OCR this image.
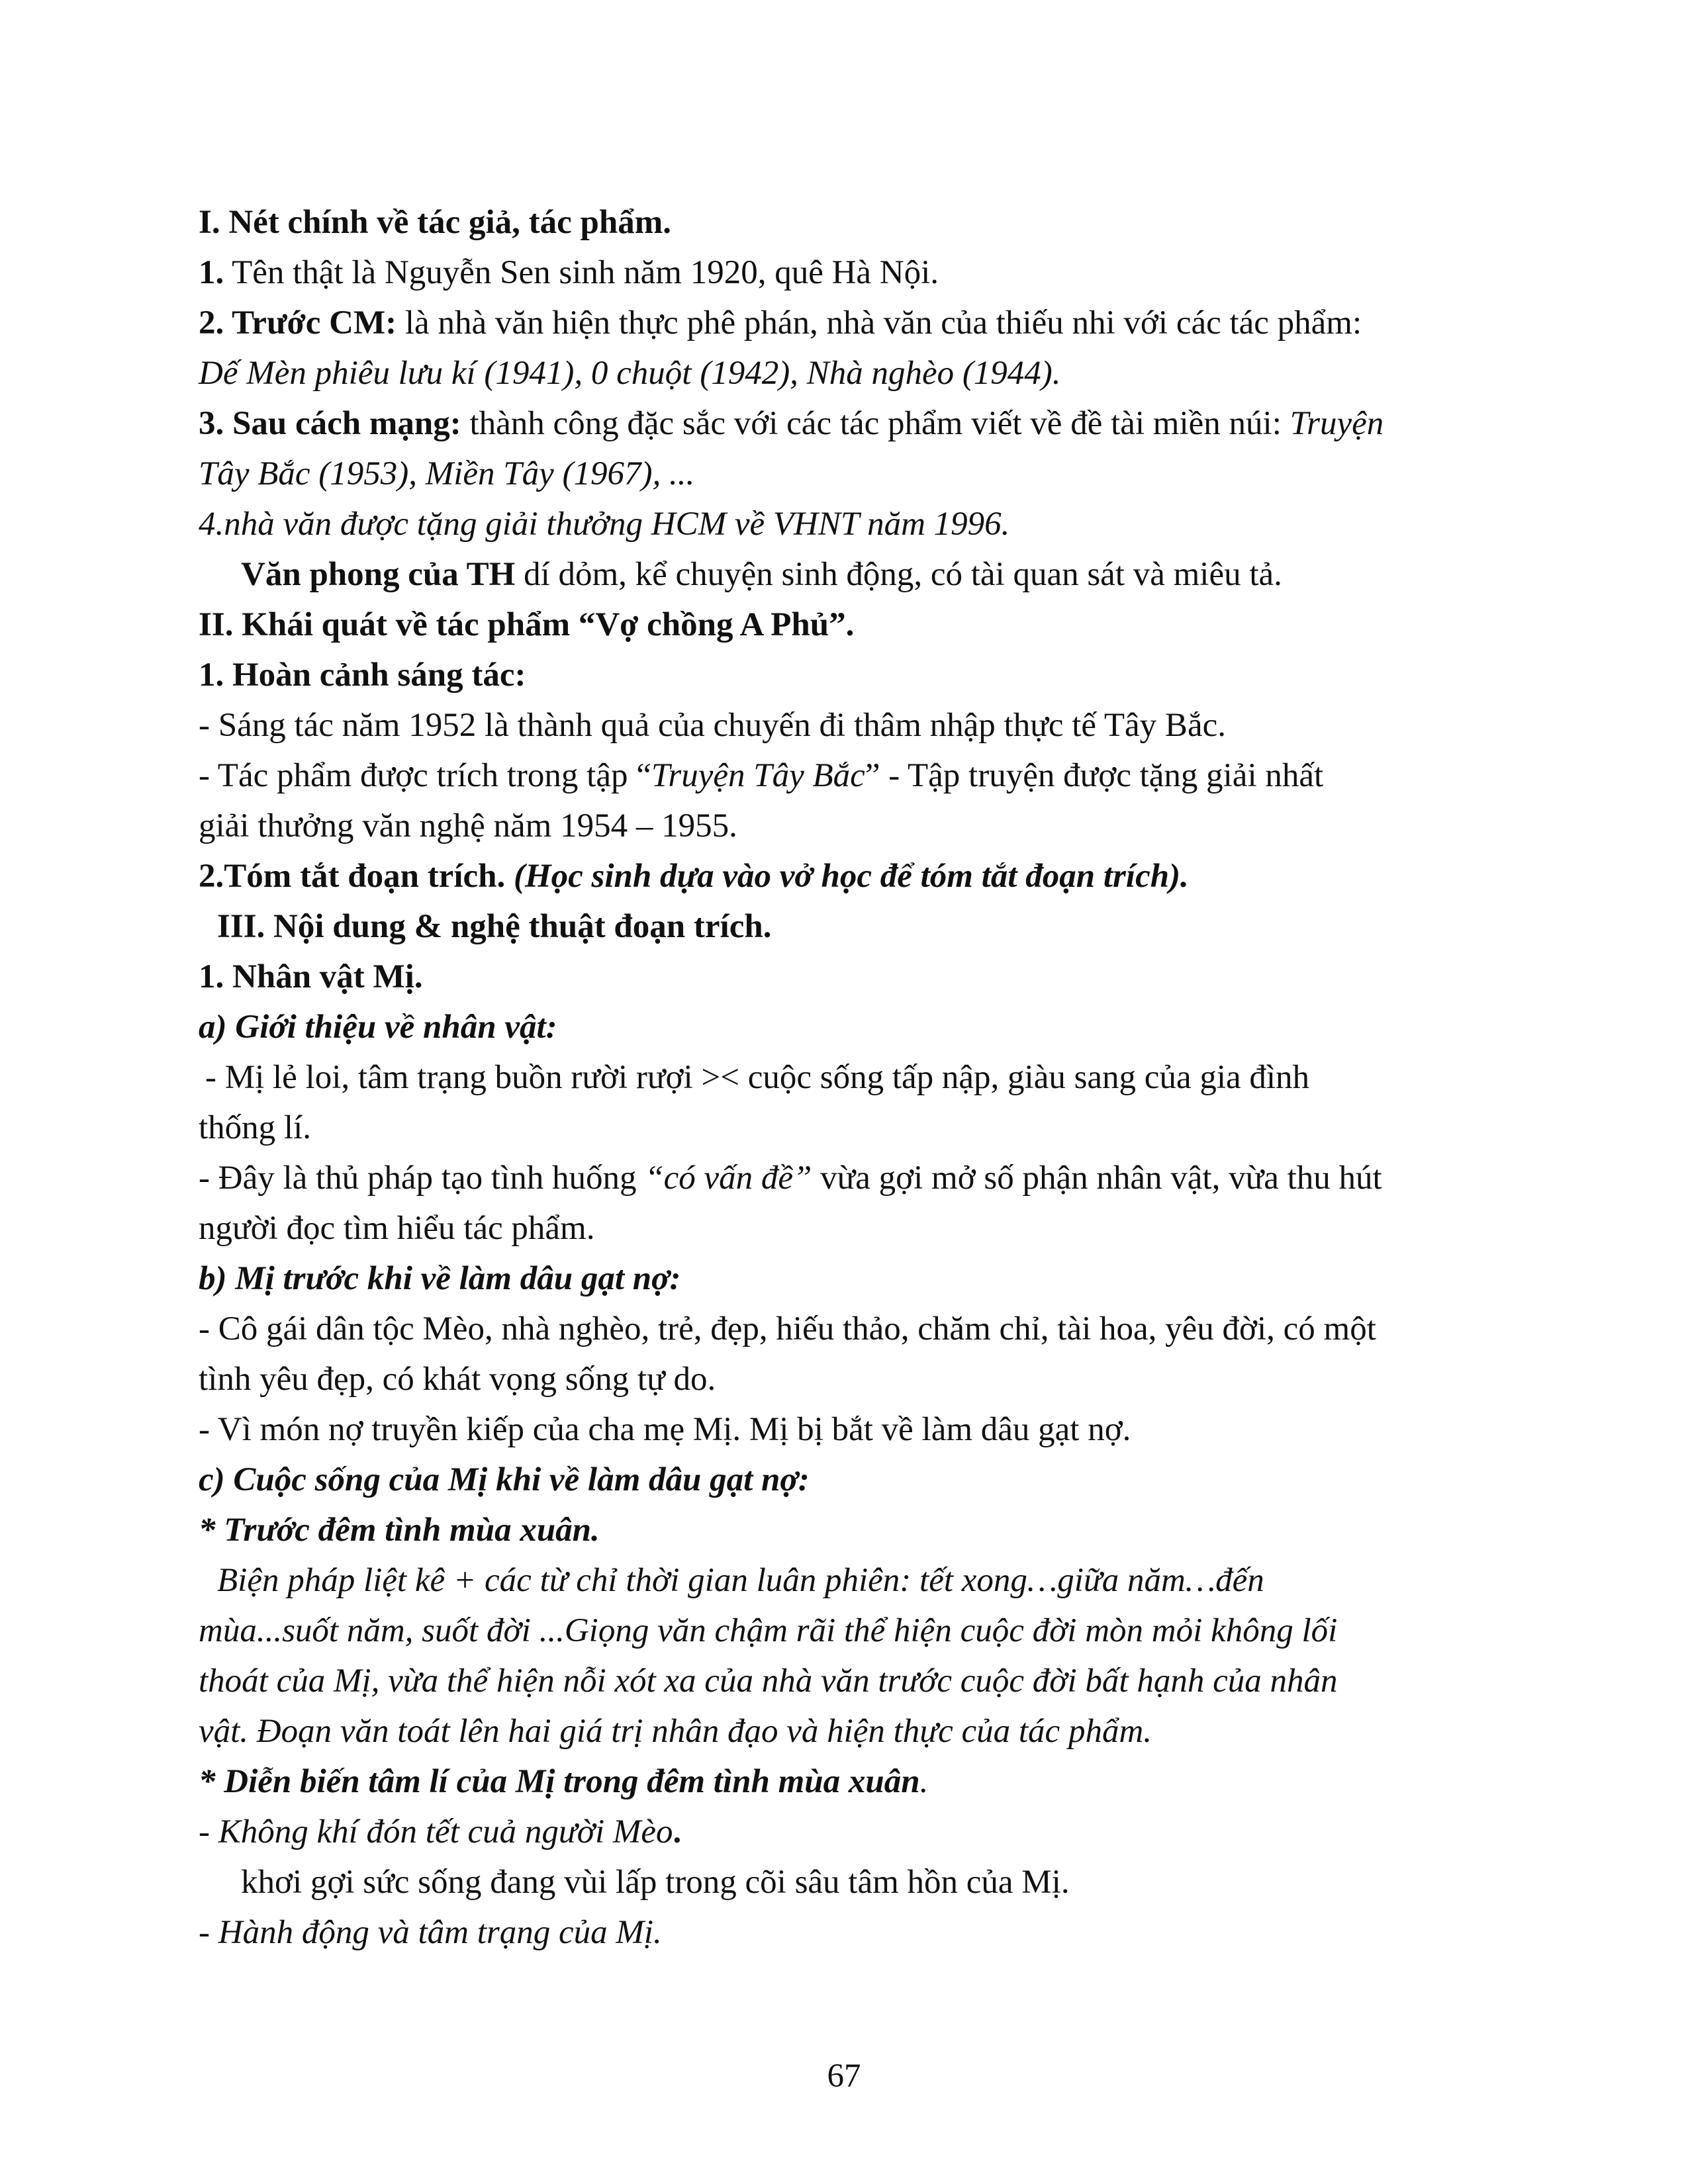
I. Nét chính về tác giả, tác phẩm.

1. Tên thật là Nguyễn Sen sinh năm 1920, quê Hà Nội.

2. Trước CM: là nhà văn hiện thực phê phán, nhà văn của thiếu nhi với các tác phẩm:

Dế Mèn phiêu lưu kí (1941), 0 chuột (1942), Nhà nghèo (1944).

3. Sau cách mạng: thành công đặc sắc với các tác phẩm viết về đề tài miền núi: Truyện

Tây Bắc (1953), Miền Tây (1967), ...

4.nhà văn được tặng giải thưởng HCM về VHNT năm 1996.

Văn phong của TH dí dỏm, kể chuyện sinh động, có tài quan sát và miêu tả.

II. Khái quát về tác phẩm “Vợ chồng A Phủ”.

1. Hoàn cảnh sáng tác:

- Sáng tác năm 1952 là thành quả của chuyến đi thâm nhập thực tế Tây Bắc.

- Tác phẩm được trích trong tập “Truyện Tây Bắc” - Tập truyện được tặng giải nhất

giải thưởng văn nghệ năm 1954 – 1955.

2.Tóm tắt đoạn trích. (Học sinh dựa vào vở học để tóm tắt đoạn trích).

III. Nội dung & nghệ thuật đoạn trích.

1. Nhân vật Mị.

a) Giới thiệu về nhân vật:

- Mị lẻ loi, tâm trạng buồn rười rượi >< cuộc sống tấp nập, giàu sang của gia đình

thống lí.

- Đây là thủ pháp tạo tình huống “có vấn đề” vừa gợi mở số phận nhân vật, vừa thu hút

người đọc tìm hiểu tác phẩm.

b) Mị trước khi về làm dâu gạt nợ:

- Cô gái dân tộc Mèo, nhà nghèo, trẻ, đẹp, hiếu thảo, chăm chỉ, tài hoa, yêu đời, có một

tình yêu đẹp, có khát vọng sống tự do.

- Vì món nợ truyền kiếp của cha mẹ Mị. Mị bị bắt về làm dâu gạt nợ.

c) Cuộc sống của Mị khi về làm dâu gạt nợ:

* Trước đêm tình mùa xuân.

Biện pháp liệt kê + các từ chỉ thời gian luân phiên: tết xong…giữa năm…đến

mùa...suốt năm, suốt đời ...Giọng văn chậm rãi thể hiện cuộc đời mòn mỏi không lối

thoát của Mị, vừa thể hiện nỗi xót xa của nhà văn trước cuộc đời bất hạnh của nhân

vật. Đoạn văn toát lên hai giá trị nhân đạo và hiện thực của tác phẩm.

* Diễn biến tâm lí của Mị trong đêm tình mùa xuân.

- Không khí đón tết cuả người Mèo.

khơi gợi sức sống đang vùi lấp trong cõi sâu tâm hồn của Mị.

- Hành động và tâm trạng của Mị.

67
